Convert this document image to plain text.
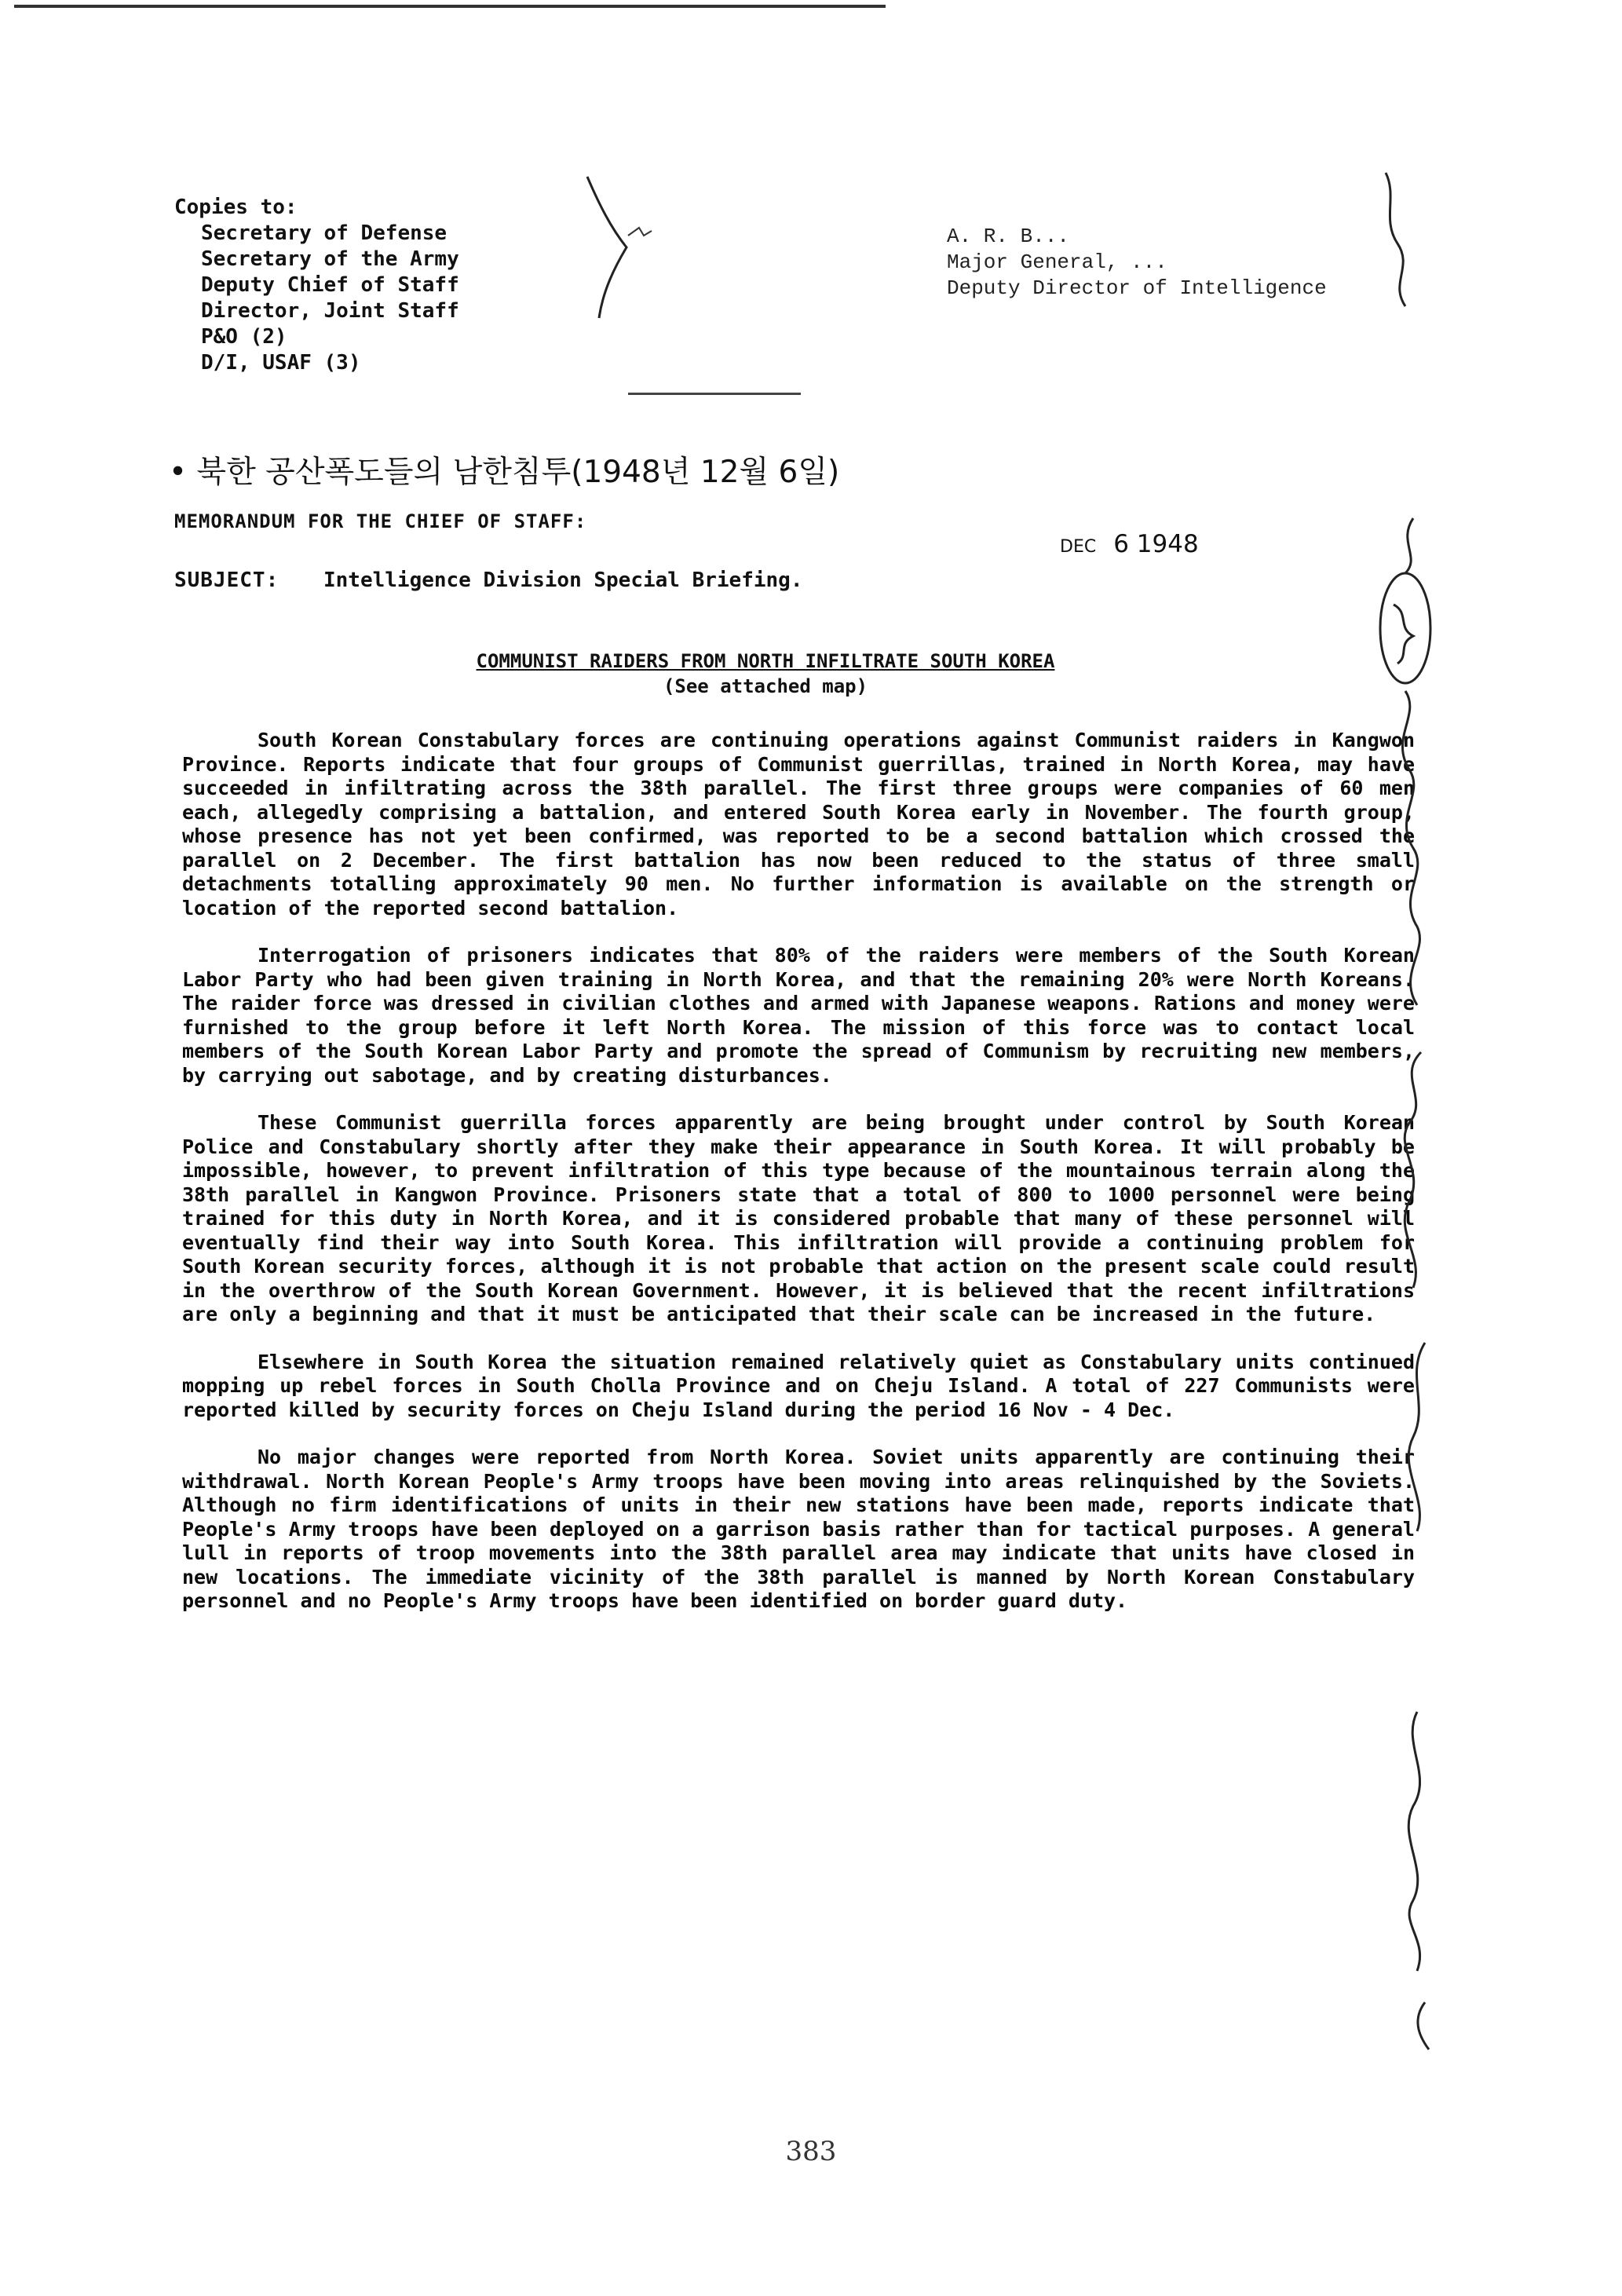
Copies to:
Secretary of Defense
Secretary of the Army
Deputy Chief of Staff
Director, Joint Staff
P&O (2)
D/I, USAF (3)
A. R. B...
Major General, ...
Deputy Director of Intelligence
• 북한 공산폭도들의 남한침투(1948년 12월 6일)
MEMORANDUM FOR THE CHIEF OF STAFF:
DEC 6 1948
SUBJECT: Intelligence Division Special Briefing.
COMMUNIST RAIDERS FROM NORTH INFILTRATE SOUTH KOREA
(See attached map)

South Korean Constabulary forces are continuing operations against Communist raiders in Kangwon Province. Reports indicate that four groups of Communist guerrillas, trained in North Korea, may have succeeded in infiltrating across the 38th parallel. The first three groups were companies of 60 men each, allegedly comprising a battalion, and entered South Korea early in November. The fourth group, whose presence has not yet been confirmed, was reported to be a second battalion which crossed the parallel on 2 December. The first battalion has now been reduced to the status of three small detachments totalling approximately 90 men. No further information is available on the strength or location of the reported second battalion.

Interrogation of prisoners indicates that 80% of the raiders were members of the South Korean Labor Party who had been given training in North Korea, and that the remaining 20% were North Koreans. The raider force was dressed in civilian clothes and armed with Japanese weapons. Rations and money were furnished to the group before it left North Korea. The mission of this force was to contact local members of the South Korean Labor Party and promote the spread of Communism by recruiting new members, by carrying out sabotage, and by creating disturbances.

These Communist guerrilla forces apparently are being brought under control by South Korean Police and Constabulary shortly after they make their appearance in South Korea. It will probably be impossible, however, to prevent infiltration of this type because of the mountainous terrain along the 38th parallel in Kangwon Province. Prisoners state that a total of 800 to 1000 personnel were being trained for this duty in North Korea, and it is considered probable that many of these personnel will eventually find their way into South Korea. This infiltration will provide a continuing problem for South Korean security forces, although it is not probable that action on the present scale could result in the overthrow of the South Korean Government. However, it is believed that the recent infiltrations are only a beginning and that it must be anticipated that their scale can be increased in the future.

Elsewhere in South Korea the situation remained relatively quiet as Constabulary units continued mopping up rebel forces in South Cholla Province and on Cheju Island. A total of 227 Communists were reported killed by security forces on Cheju Island during the period 16 Nov - 4 Dec.

No major changes were reported from North Korea. Soviet units apparently are continuing their withdrawal. North Korean People's Army troops have been moving into areas relinquished by the Soviets. Although no firm identifications of units in their new stations have been made, reports indicate that People's Army troops have been deployed on a garrison basis rather than for tactical purposes. A general lull in reports of troop movements into the 38th parallel area may indicate that units have closed in new locations. The immediate vicinity of the 38th parallel is manned by North Korean Constabulary personnel and no People's Army troops have been identified on border guard duty.

383
